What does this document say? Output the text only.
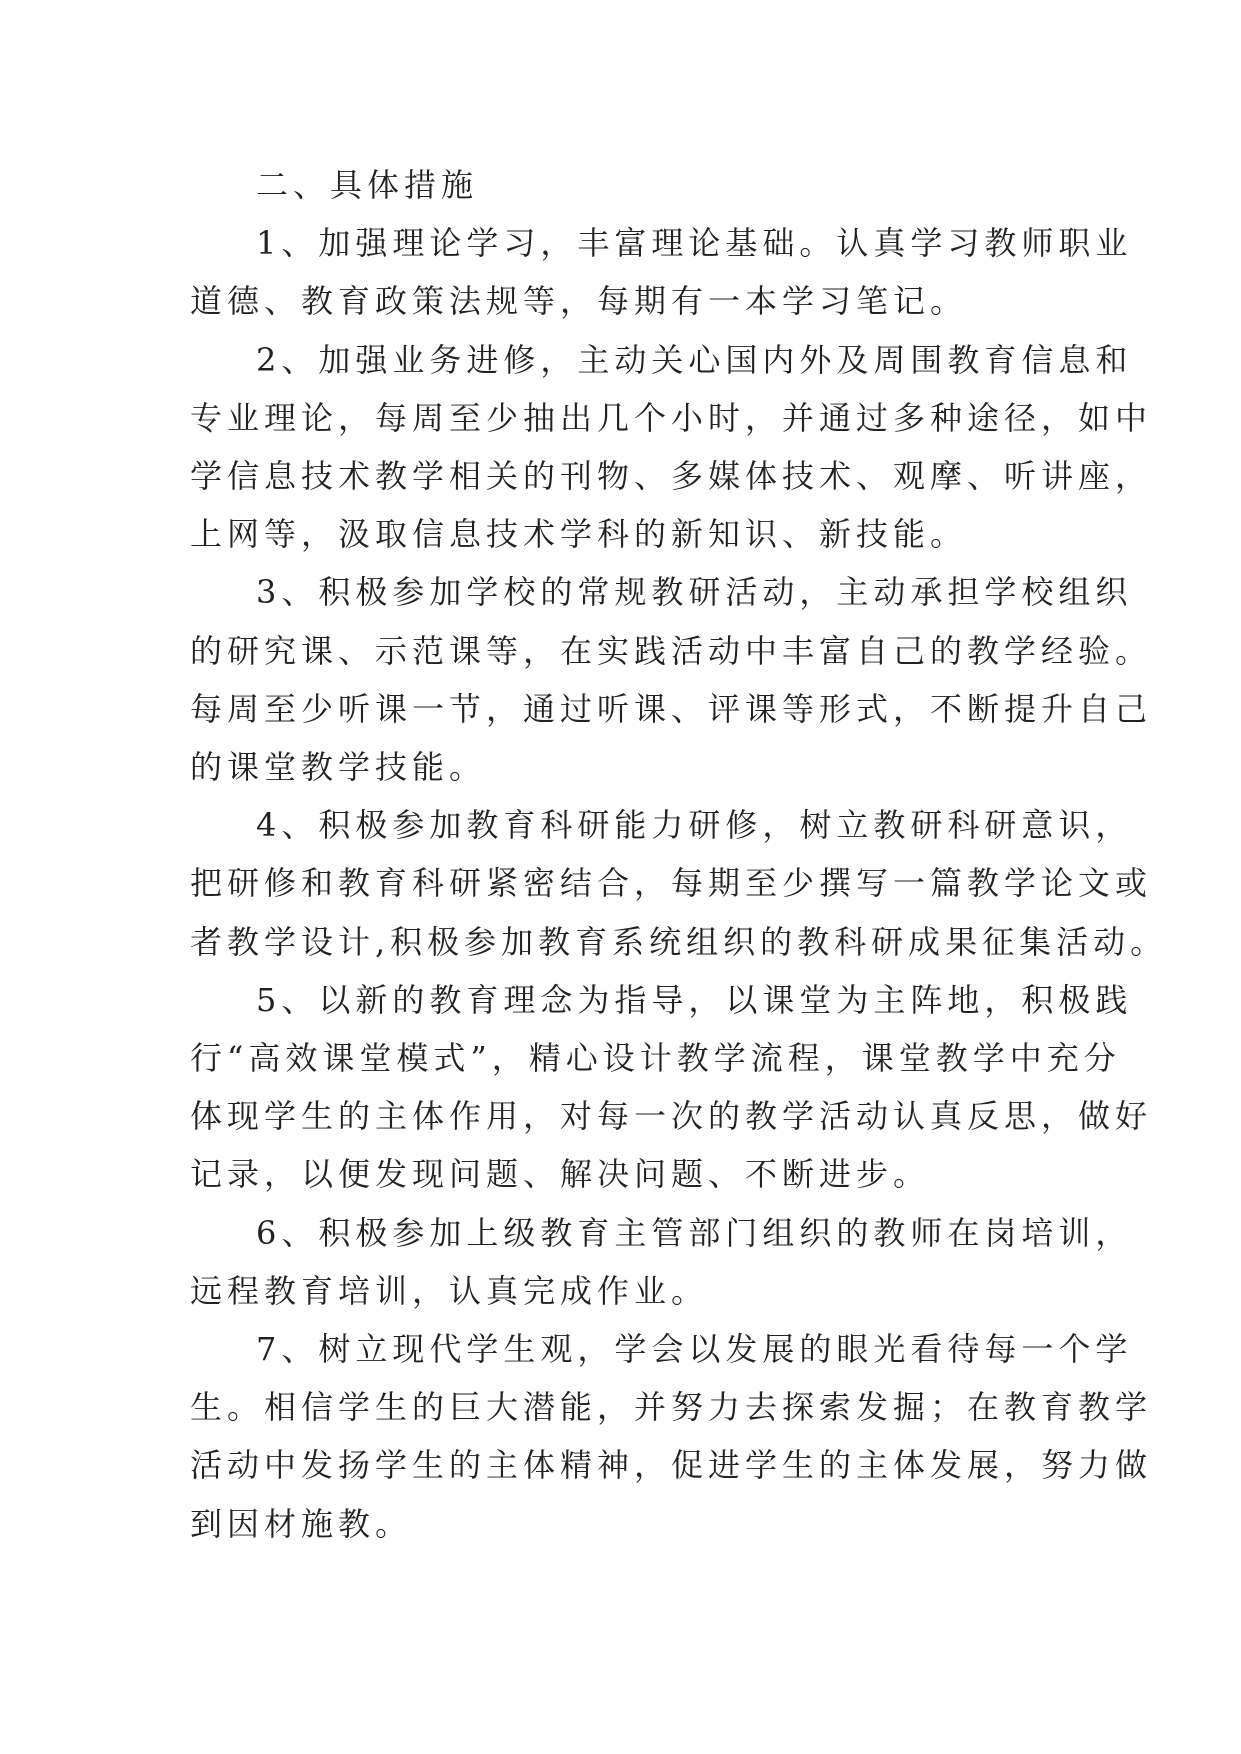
二、具体措施
1、加强理论学习，丰富理论基础。认真学习教师职业
道德、教育政策法规等，每期有一本学习笔记。
2、加强业务进修，主动关心国内外及周围教育信息和
专业理论，每周至少抽出几个小时，并通过多种途径，如中
学信息技术教学相关的刊物、多媒体技术、观摩、听讲座，
上网等，汲取信息技术学科的新知识、新技能。
3、积极参加学校的常规教研活动，主动承担学校组织
的研究课、示范课等，在实践活动中丰富自己的教学经验。
每周至少听课一节，通过听课、评课等形式，不断提升自己
的课堂教学技能。
4、积极参加教育科研能力研修，树立教研科研意识，
把研修和教育科研紧密结合，每期至少撰写一篇教学论文或
者教学设计,积极参加教育系统组织的教科研成果征集活动。
5、以新的教育理念为指导，以课堂为主阵地，积极践
行“高效课堂模式”，精心设计教学流程，课堂教学中充分
体现学生的主体作用，对每一次的教学活动认真反思，做好
记录，以便发现问题、解决问题、不断进步。
6、积极参加上级教育主管部门组织的教师在岗培训，
远程教育培训，认真完成作业。
7、树立现代学生观，学会以发展的眼光看待每一个学
生。相信学生的巨大潜能，并努力去探索发掘；在教育教学
活动中发扬学生的主体精神，促进学生的主体发展，努力做
到因材施教。
